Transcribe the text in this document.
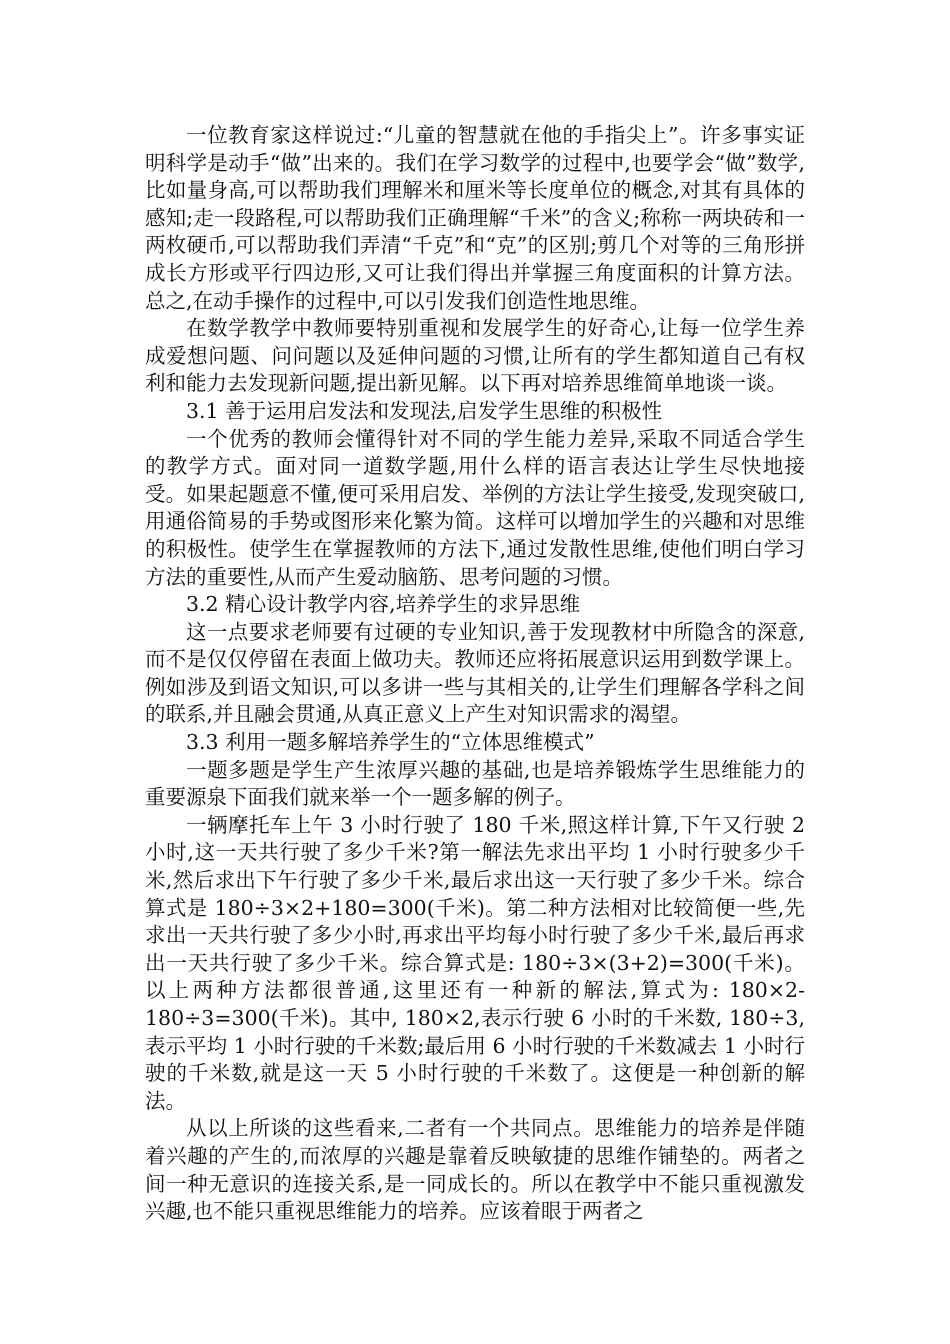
一位教育家这样说过:“儿童的智慧就在他的手指尖上”。许多事实证明科学是动手“做”出来的。我们在学习数学的过程中,也要学会“做”数学,比如量身高,可以帮助我们理解米和厘米等长度单位的概念,对其有具体的感知;走一段路程,可以帮助我们正确理解“千米”的含义;称称一两块砖和一两枚硬币,可以帮助我们弄清“千克”和“克”的区别;剪几个对等的三角形拼成长方形或平行四边形,又可让我们得出并掌握三角度面积的计算方法。总之,在动手操作的过程中,可以引发我们创造性地思维。

在数学教学中教师要特别重视和发展学生的好奇心,让每一位学生养成爱想问题、问问题以及延伸问题的习惯,让所有的学生都知道自己有权利和能力去发现新问题,提出新见解。以下再对培养思维简单地谈一谈。

3.1 善于运用启发法和发现法,启发学生思维的积极性

一个优秀的教师会懂得针对不同的学生能力差异,采取不同适合学生的教学方式。面对同一道数学题,用什么样的语言表达让学生尽快地接受。如果起题意不懂,便可采用启发、举例的方法让学生接受,发现突破口,用通俗简易的手势或图形来化繁为简。这样可以增加学生的兴趣和对思维的积极性。使学生在掌握教师的方法下,通过发散性思维,使他们明白学习方法的重要性,从而产生爱动脑筋、思考问题的习惯。

3.2 精心设计教学内容,培养学生的求异思维

这一点要求老师要有过硬的专业知识,善于发现教材中所隐含的深意,而不是仅仅停留在表面上做功夫。教师还应将拓展意识运用到数学课上。例如涉及到语文知识,可以多讲一些与其相关的,让学生们理解各学科之间的联系,并且融会贯通,从真正意义上产生对知识需求的渴望。

3.3 利用一题多解培养学生的“立体思维模式”

一题多题是学生产生浓厚兴趣的基础,也是培养锻炼学生思维能力的重要源泉下面我们就来举一个一题多解的例子。

一辆摩托车上午 3 小时行驶了 180 千米,照这样计算,下午又行驶 2 小时,这一天共行驶了多少千米?第一解法先求出平均 1 小时行驶多少千米,然后求出下午行驶了多少千米,最后求出这一天行驶了多少千米。综合算式是 180÷3×2+180=300(千米)。第二种方法相对比较简便一些,先求出一天共行驶了多少小时,再求出平均每小时行驶了多少千米,最后再求出一天共行驶了多少千米。综合算式是: 180÷3×(3+2)=300(千米)。以上两种方法都很普通,这里还有一种新的解法,算式为: 180×2-180÷3=300(千米)。其中, 180×2,表示行驶 6 小时的千米数, 180÷3,表示平均 1 小时行驶的千米数;最后用 6 小时行驶的千米数减去 1 小时行驶的千米数,就是这一天 5 小时行驶的千米数了。这便是一种创新的解法。

从以上所谈的这些看来,二者有一个共同点。思维能力的培养是伴随着兴趣的产生的,而浓厚的兴趣是靠着反映敏捷的思维作铺垫的。两者之间一种无意识的连接关系,是一同成长的。所以在教学中不能只重视激发兴趣,也不能只重视思维能力的培养。应该着眼于两者之
